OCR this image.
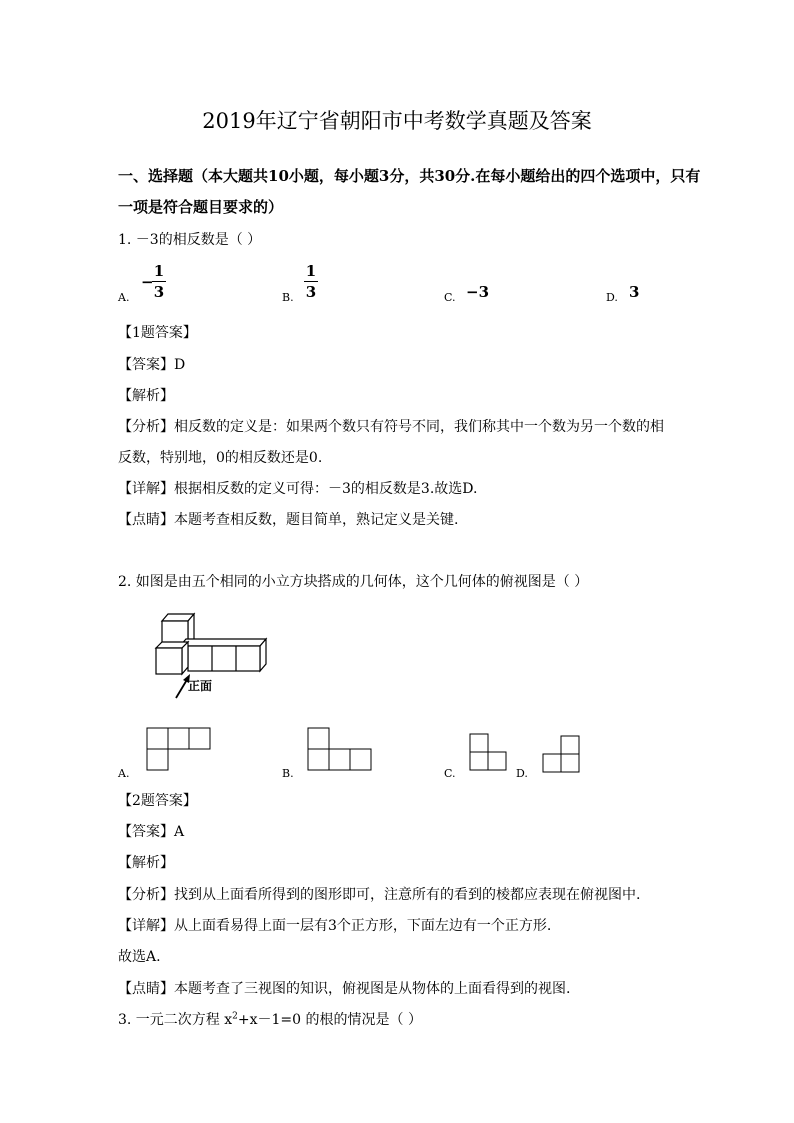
2019年辽宁省朝阳市中考数学真题及答案
一、选择题（本大题共10小题，每小题3分，共30分.在每小题给出的四个选项中，只有
一项是符合题目要求的）
1. －3的相反数是（ ）
A.
−
1
3	B.
1
3	C. −3	D. 3
【1题答案】
【答案】D
【解析】
【分析】相反数的定义是：如果两个数只有符号不同，我们称其中一个数为另一个数的相
反数，特别地，0的相反数还是0.
【详解】根据相反数的定义可得：－3的相反数是3.故选D.
【点睛】本题考查相反数，题目简单，熟记定义是关键.
2. 如图是由五个相同的小立方块搭成的几何体，这个几何体的俯视图是（ ）
正面
A.	B.	C.	D.
【2题答案】
【答案】A
【解析】
【分析】找到从上面看所得到的图形即可，注意所有的看到的棱都应表现在俯视图中.
【详解】从上面看易得上面一层有3个正方形，下面左边有一个正方形.
故选A.
【点睛】本题考查了三视图的知识，俯视图是从物体的上面看得到的视图.
3. 一元二次方程 $x^2+x-1=0$ 的根的情况是（ ）
